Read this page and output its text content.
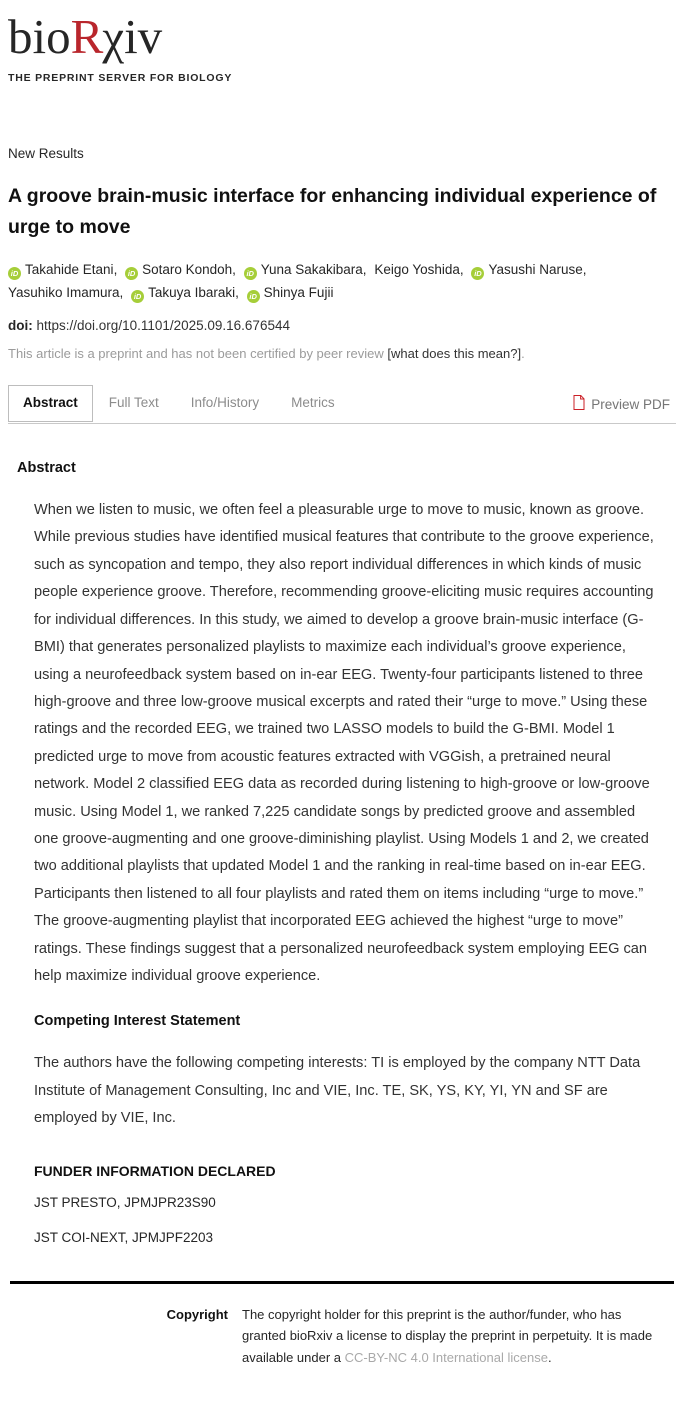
bioRχiv
THE PREPRINT SERVER FOR BIOLOGY
New Results
A groove brain-music interface for enhancing individual experience of urge to move
iD Takahide Etani, iD Sotaro Kondoh, iD Yuna Sakakibara, Keigo Yoshida, iD Yasushi Naruse, Yasuhiko Imamura, iD Takuya Ibaraki, iD Shinya Fujii
doi: https://doi.org/10.1101/2025.09.16.676544
This article is a preprint and has not been certified by peer review [what does this mean?].
Abstract	Full Text	Info/History	Metrics	Preview PDF
Abstract

When we listen to music, we often feel a pleasurable urge to move to music, known as groove. While previous studies have identified musical features that contribute to the groove experience, such as syncopation and tempo, they also report individual differences in which kinds of music people experience groove. Therefore, recommending groove-eliciting music requires accounting for individual differences. In this study, we aimed to develop a groove brain-music interface (G-BMI) that generates personalized playlists to maximize each individual’s groove experience, using a neurofeedback system based on in-ear EEG. Twenty-four participants listened to three high-groove and three low-groove musical excerpts and rated their “urge to move.” Using these ratings and the recorded EEG, we trained two LASSO models to build the G-BMI. Model 1 predicted urge to move from acoustic features extracted with VGGish, a pretrained neural network. Model 2 classified EEG data as recorded during listening to high-groove or low-groove music. Using Model 1, we ranked 7,225 candidate songs by predicted groove and assembled one groove-augmenting and one groove-diminishing playlist. Using Models 1 and 2, we created two additional playlists that updated Model 1 and the ranking in real-time based on in-ear EEG. Participants then listened to all four playlists and rated them on items including “urge to move.” The groove-augmenting playlist that incorporated EEG achieved the highest “urge to move” ratings. These findings suggest that a personalized neurofeedback system employing EEG can help maximize individual groove experience.

Competing Interest Statement

The authors have the following competing interests: TI is employed by the company NTT Data Institute of Management Consulting, Inc and VIE, Inc. TE, SK, YS, KY, YI, YN and SF are employed by VIE, Inc.

FUNDER INFORMATION DECLARED
JST PRESTO, JPMJPR23S90
JST COI-NEXT, JPMJPF2203
Copyright The copyright holder for this preprint is the author/funder, who has granted bioRxiv a license to display the preprint in perpetuity. It is made available under a CC-BY-NC 4.0 International license.
